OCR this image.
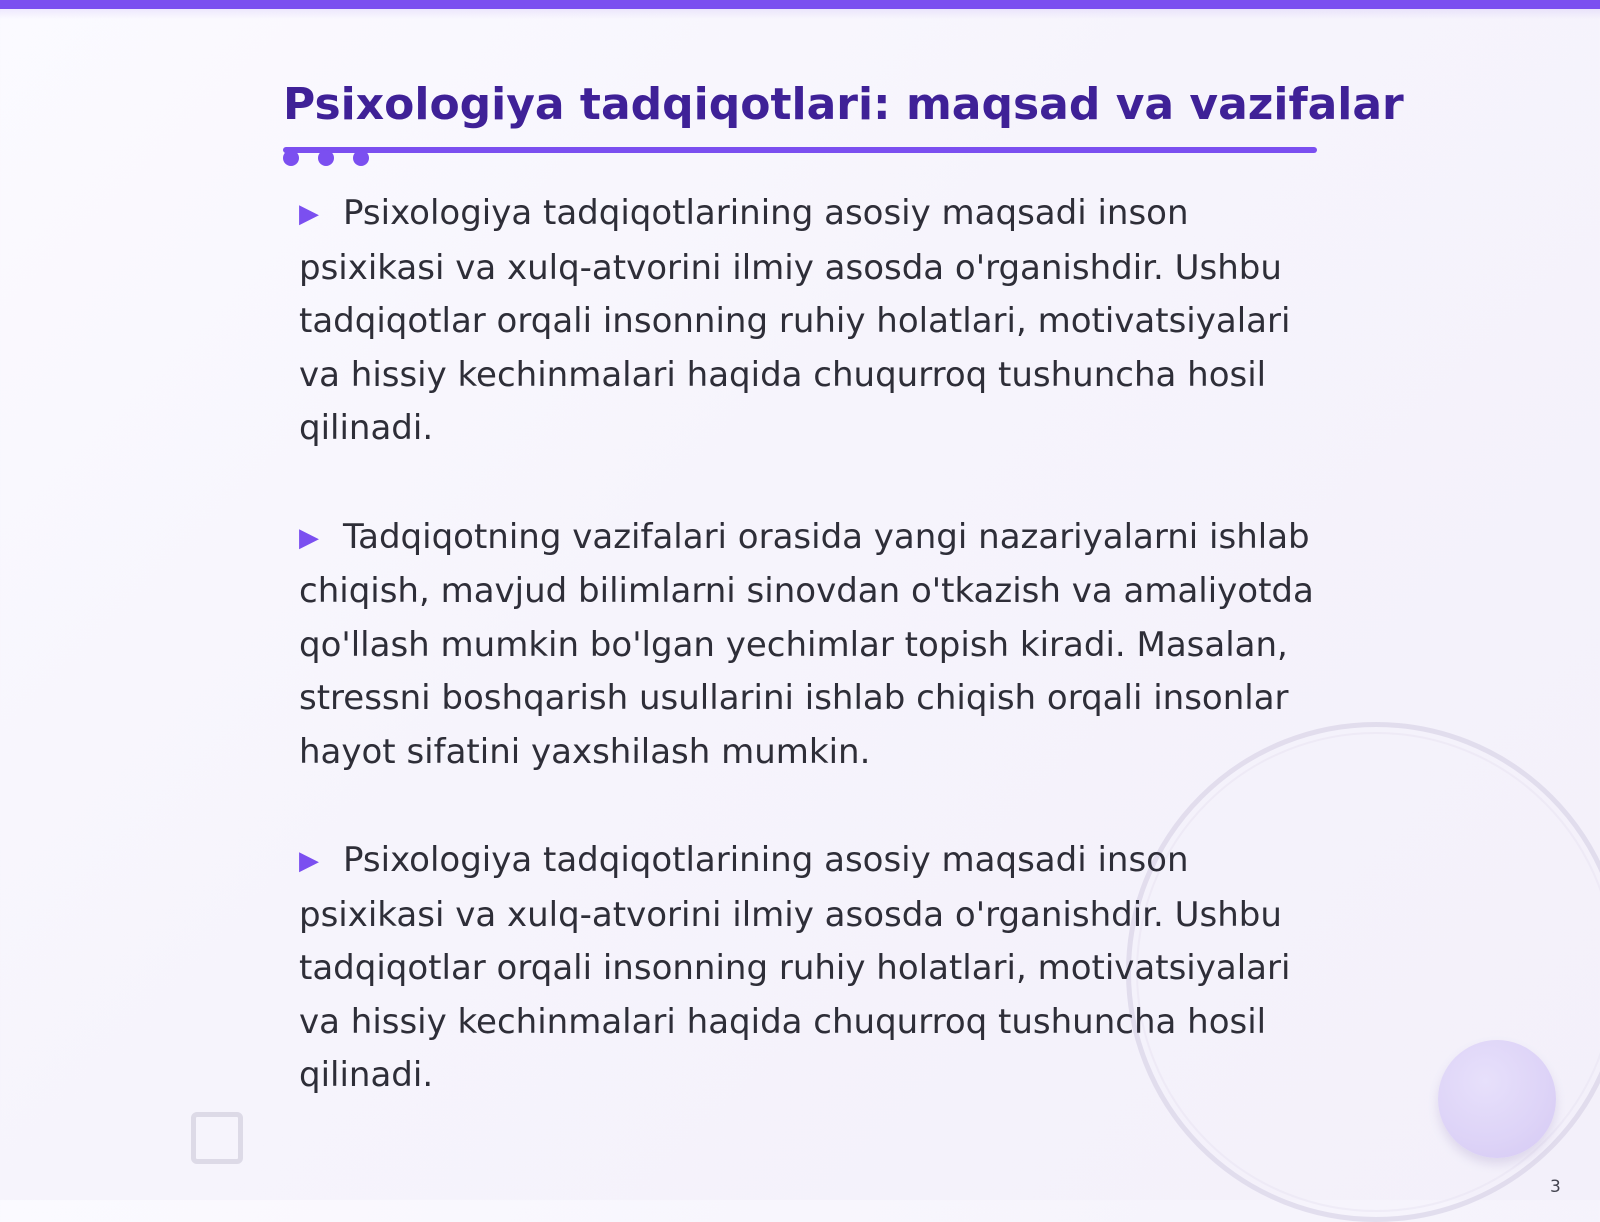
Psixologiya tadqiqotlari: maqsad va vazifalar
▶ Psixologiya tadqiqotlarining asosiy maqsadi inson psixikasi va xulq-atvorini ilmiy asosda o'rganishdir. Ushbu tadqiqotlar orqali insonning ruhiy holatlari, motivatsiyalari va hissiy kechinmalari haqida chuqurroq tushuncha hosil qilinadi.
▶ Tadqiqotning vazifalari orasida yangi nazariyalarni ishlab chiqish, mavjud bilimlarni sinovdan o'tkazish va amaliyotda qo'llash mumkin bo'lgan yechimlar topish kiradi. Masalan, stressni boshqarish usullarini ishlab chiqish orqali insonlar hayot sifatini yaxshilash mumkin.
▶ Psixologiya tadqiqotlarining asosiy maqsadi inson psixikasi va xulq-atvorini ilmiy asosda o'rganishdir. Ushbu tadqiqotlar orqali insonning ruhiy holatlari, motivatsiyalari va hissiy kechinmalari haqida chuqurroq tushuncha hosil qilinadi.
3
